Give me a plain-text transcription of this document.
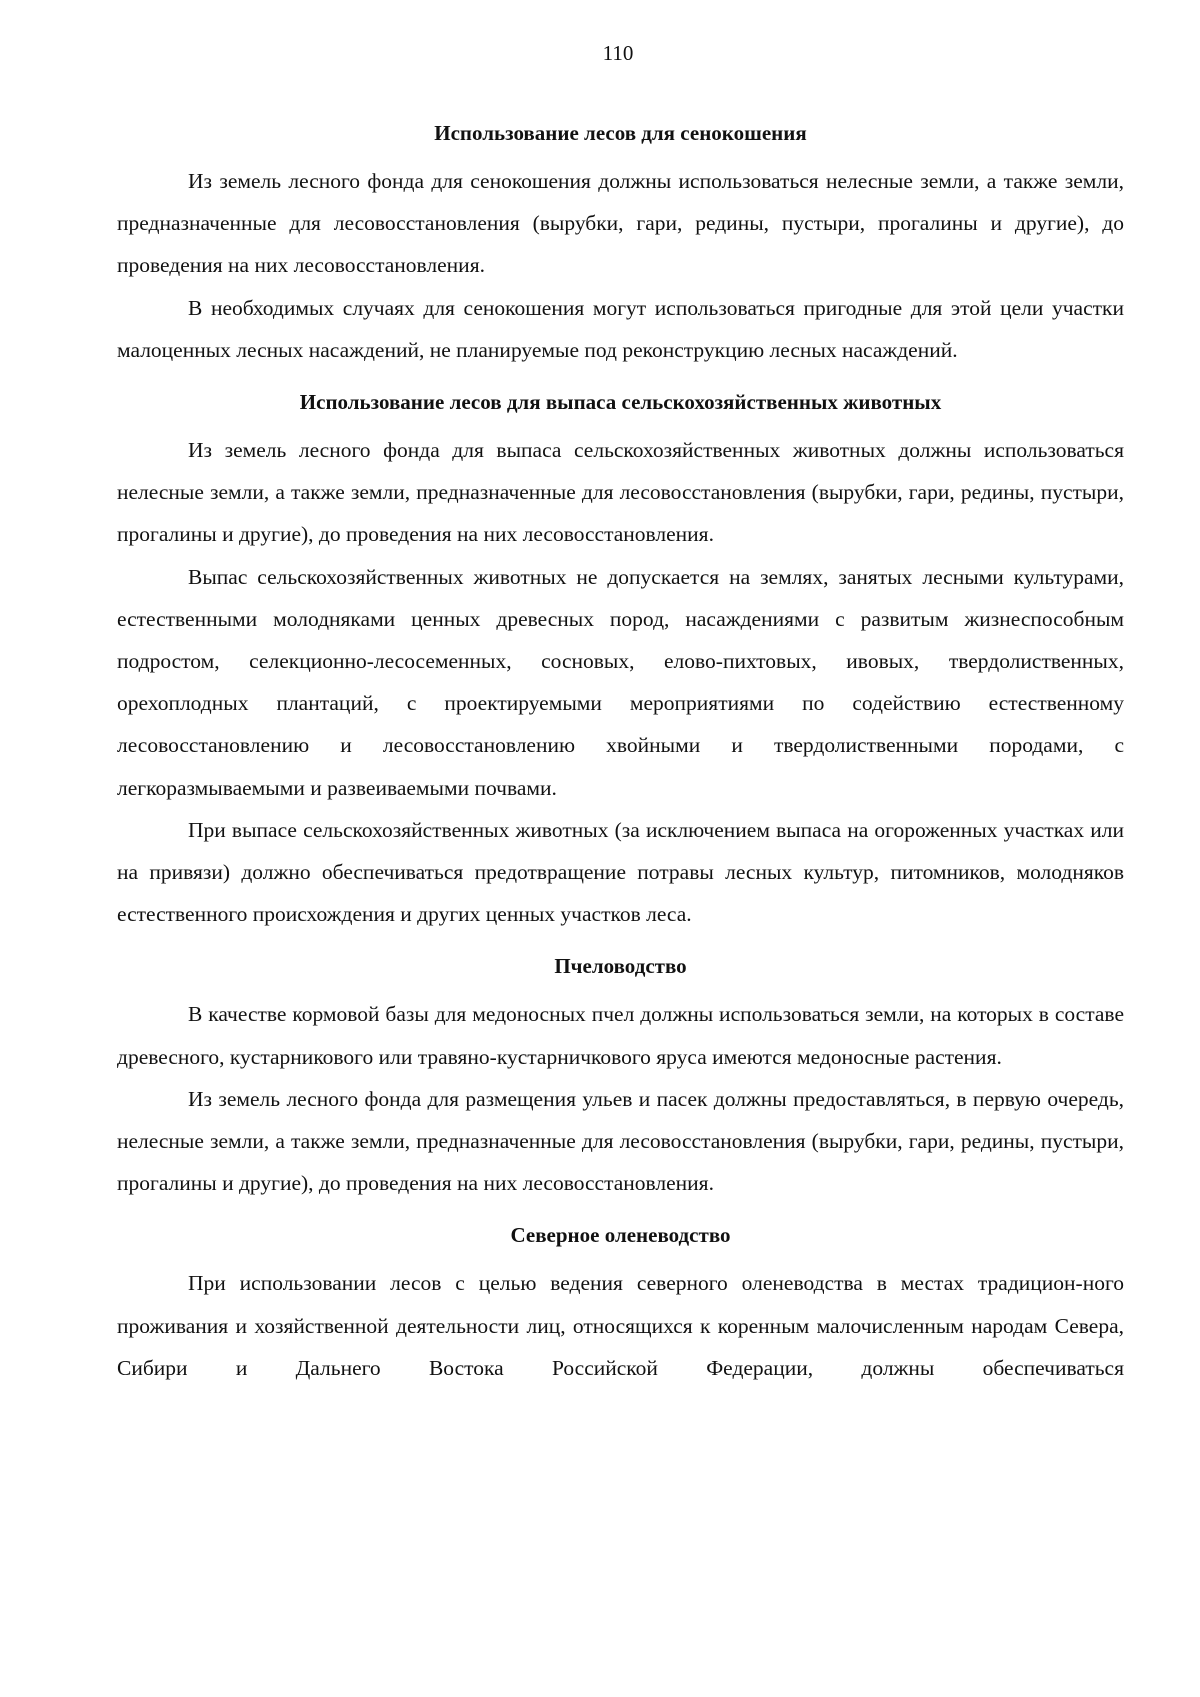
110
Использование лесов для сенокошения

Из земель лесного фонда для сенокошения должны использоваться нелесные земли, а также земли, предназначенные для лесовосстановления (вырубки, гари, редины, пустыри, прогалины и другие), до проведения на них лесовосстановления.

В необходимых случаях для сенокошения могут использоваться пригодные для этой цели участки малоценных лесных насаждений, не планируемые под реконструкцию лесных насаждений.

Использование лесов для выпаса сельскохозяйственных животных

Из земель лесного фонда для выпаса сельскохозяйственных животных должны использоваться нелесные земли, а также земли, предназначенные для лесовосстановления (вырубки, гари, редины, пустыри, прогалины и другие), до проведения на них лесовосстановления.

Выпас сельскохозяйственных животных не допускается на землях, занятых лесными культурами, естественными молодняками ценных древесных пород, насаждениями с развитым жизнеспособным подростом, селекционно-лесосеменных, сосновых, елово-пихтовых, ивовых, твердолиственных, орехоплодных плантаций, с проектируемыми мероприятиями по содействию естественному лесовосстановлению и лесовосстановлению хвойными и твердолиственными породами, с легкоразмываемыми и развеиваемыми почвами.

При выпасе сельскохозяйственных животных (за исключением выпаса на огороженных участках или на привязи) должно обеспечиваться предотвращение потравы лесных культур, питомников, молодняков естественного происхождения и других ценных участков леса.

Пчеловодство

В качестве кормовой базы для медоносных пчел должны использоваться земли, на которых в составе древесного, кустарникового или травяно-кустарничкового яруса имеются медоносные растения.

Из земель лесного фонда для размещения ульев и пасек должны предоставляться, в первую очередь, нелесные земли, а также земли, предназначенные для лесовосстановления (вырубки, гари, редины, пустыри, прогалины и другие), до проведения на них лесовосстановления.

Северное оленеводство

При использовании лесов с целью ведения северного оленеводства в местах традицион-ного проживания и хозяйственной деятельности лиц, относящихся к коренным малочисленным народам Севера, Сибири и Дальнего Востока Российской Федерации, должны обеспечиваться
